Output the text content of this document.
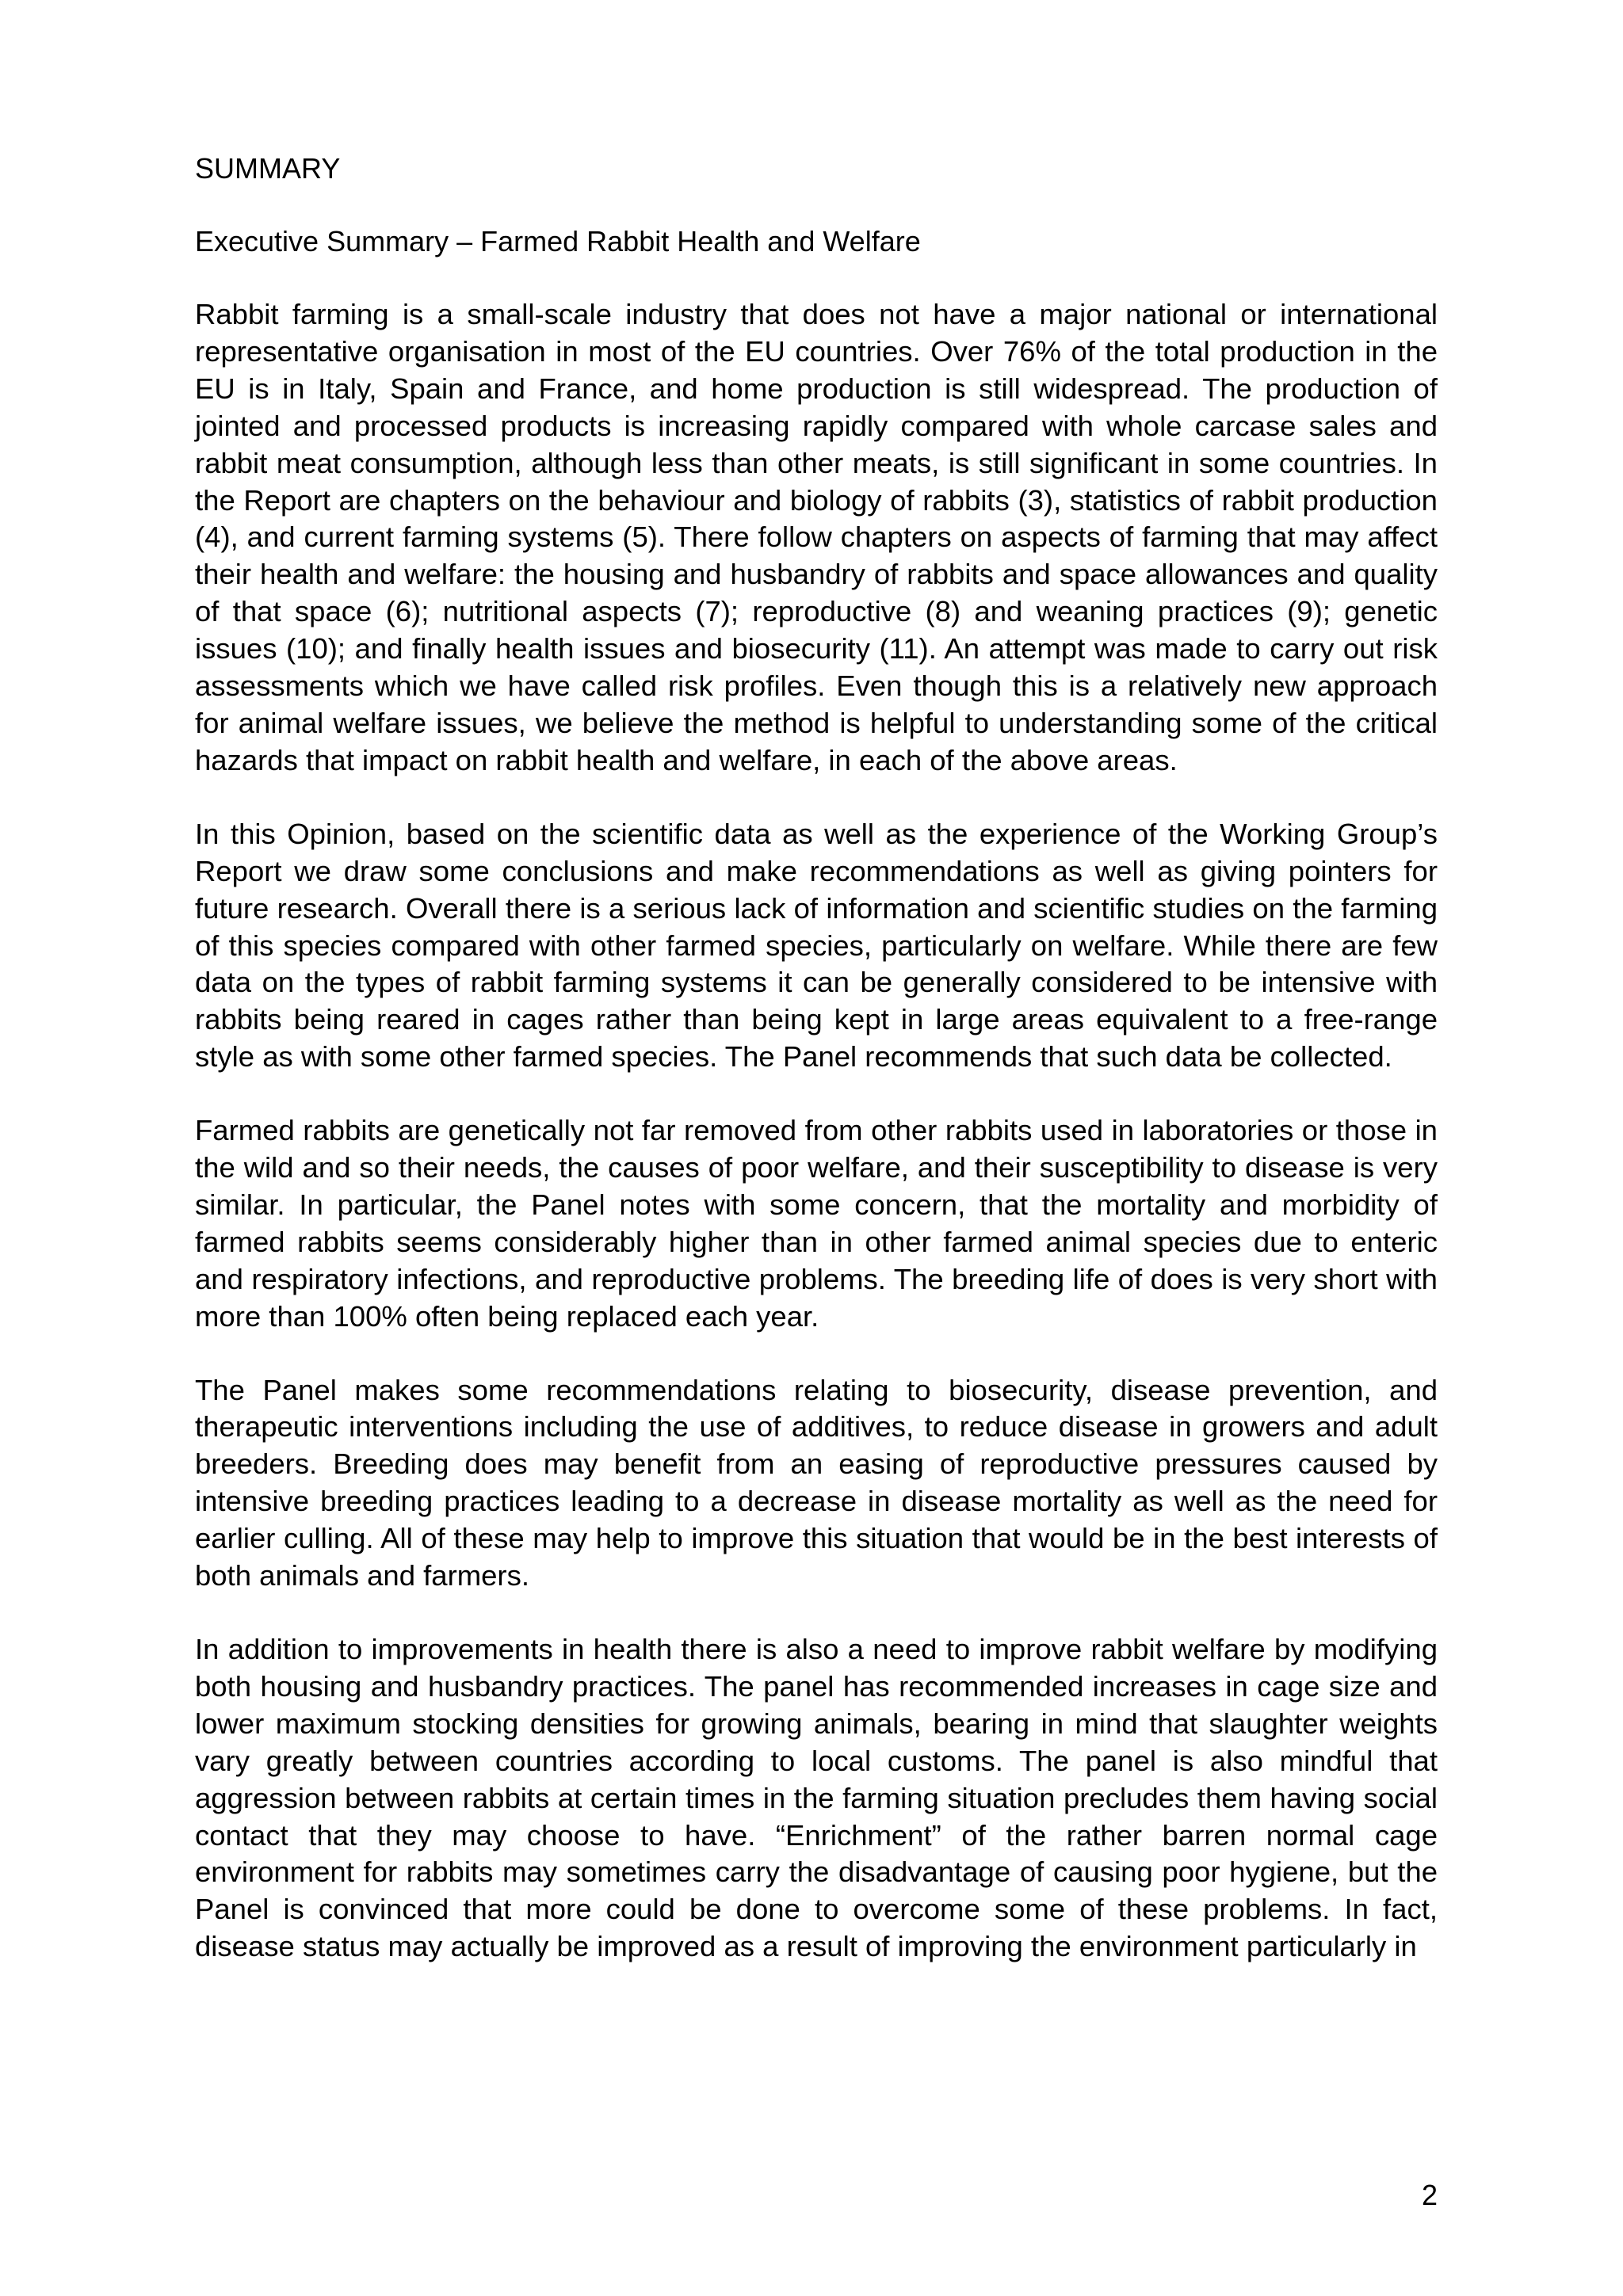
SUMMARY

Executive Summary – Farmed Rabbit Health and Welfare

Rabbit farming is a small-scale industry that does not have a major national or international representative organisation in most of the EU countries. Over 76% of the total production in the EU is in Italy, Spain and France, and home production is still widespread. The production of jointed and processed products is increasing rapidly compared with whole carcase sales and rabbit meat consumption, although less than other meats, is still significant in some countries. In the Report are chapters on the behaviour and biology of rabbits (3), statistics of rabbit production (4), and current farming systems (5). There follow chapters on aspects of farming that may affect their health and welfare: the housing and husbandry of rabbits and space allowances and quality of that space (6); nutritional aspects (7); reproductive (8) and weaning practices (9); genetic issues (10); and finally health issues and biosecurity (11). An attempt was made to carry out risk assessments which we have called risk profiles. Even though this is a relatively new approach for animal welfare issues, we believe the method is helpful to understanding some of the critical hazards that impact on rabbit health and welfare, in each of the above areas.

In this Opinion, based on the scientific data as well as the experience of the Working Group’s Report we draw some conclusions and make recommendations as well as giving pointers for future research. Overall there is a serious lack of information and scientific studies on the farming of this species compared with other farmed species, particularly on welfare. While there are few data on the types of rabbit farming systems it can be generally considered to be intensive with rabbits being reared in cages rather than being kept in large areas equivalent to a free-range style as with some other farmed species. The Panel recommends that such data be collected.

Farmed rabbits are genetically not far removed from other rabbits used in laboratories or those in the wild and so their needs, the causes of poor welfare, and their susceptibility to disease is very similar. In particular, the Panel notes with some concern, that the mortality and morbidity of farmed rabbits seems considerably higher than in other farmed animal species due to enteric and respiratory infections, and reproductive problems. The breeding life of does is very short with more than 100% often being replaced each year.

The Panel makes some recommendations relating to biosecurity, disease prevention, and therapeutic interventions including the use of additives, to reduce disease in growers and adult breeders. Breeding does may benefit from an easing of reproductive pressures caused by intensive breeding practices leading to a decrease in disease mortality as well as the need for earlier culling. All of these may help to improve this situation that would be in the best interests of both animals and farmers.

In addition to improvements in health there is also a need to improve rabbit welfare by modifying both housing and husbandry practices. The panel has recommended increases in cage size and lower maximum stocking densities for growing animals, bearing in mind that slaughter weights vary greatly between countries according to local customs. The panel is also mindful that aggression between rabbits at certain times in the farming situation precludes them having social contact that they may choose to have. “Enrichment” of the rather barren normal cage environment for rabbits may sometimes carry the disadvantage of causing poor hygiene, but the Panel is convinced that more could be done to overcome some of these problems. In fact, disease status may actually be improved as a result of improving the environment particularly in

2
